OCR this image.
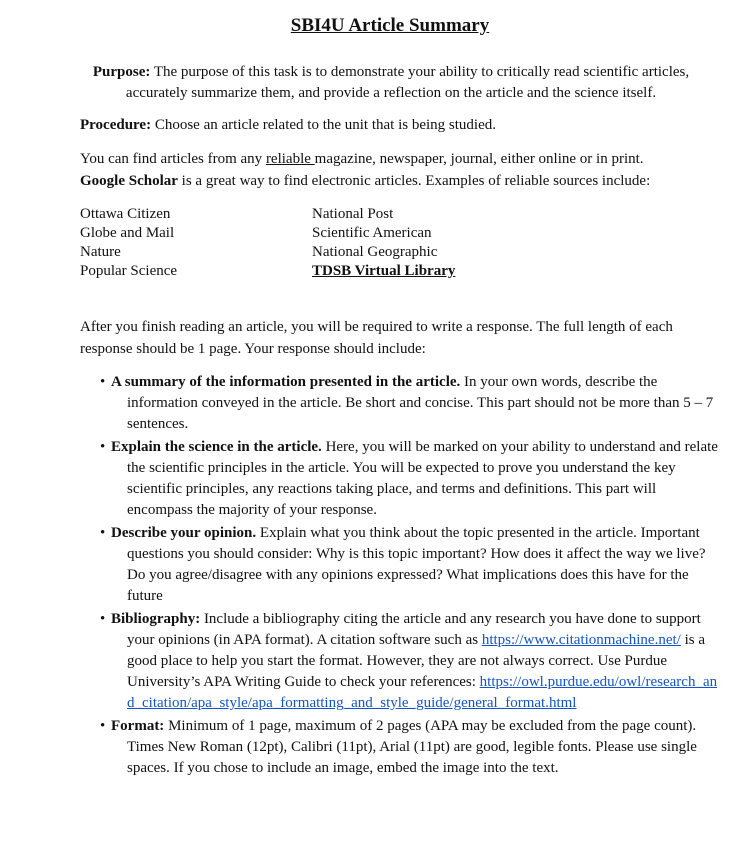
SBI4U Article Summary
Purpose: The purpose of this task is to demonstrate your ability to critically read scientific articles, accurately summarize them, and provide a reflection on the article and the science itself.
Procedure: Choose an article related to the unit that is being studied.
You can find articles from any reliable magazine, newspaper, journal, either online or in print.
Google Scholar is a great way to find electronic articles. Examples of reliable sources include:
Ottawa Citizen
Globe and Mail
Nature
Popular Science
National Post
Scientific American
National Geographic
TDSB Virtual Library
After you finish reading an article, you will be required to write a response. The full length of each response should be 1 page. Your response should include:
• A summary of the information presented in the article. In your own words, describe the information conveyed in the article. Be short and concise. This part should not be more than 5 – 7 sentences.
• Explain the science in the article. Here, you will be marked on your ability to understand and relate the scientific principles in the article. You will be expected to prove you understand the key scientific principles, any reactions taking place, and terms and definitions. This part will encompass the majority of your response.
• Describe your opinion. Explain what you think about the topic presented in the article. Important questions you should consider: Why is this topic important? How does it affect the way we live? Do you agree/disagree with any opinions expressed? What implications does this have for the future
• Bibliography: Include a bibliography citing the article and any research you have done to support your opinions (in APA format). A citation software such as https://www.citationmachine.net/ is a good place to help you start the format. However, they are not always correct. Use Purdue University’s APA Writing Guide to check your references: https://owl.purdue.edu/owl/research_and_citation/apa_style/apa_formatting_and_style_guide/general_format.html
• Format: Minimum of 1 page, maximum of 2 pages (APA may be excluded from the page count). Times New Roman (12pt), Calibri (11pt), Arial (11pt) are good, legible fonts. Please use single spaces. If you chose to include an image, embed the image into the text.
